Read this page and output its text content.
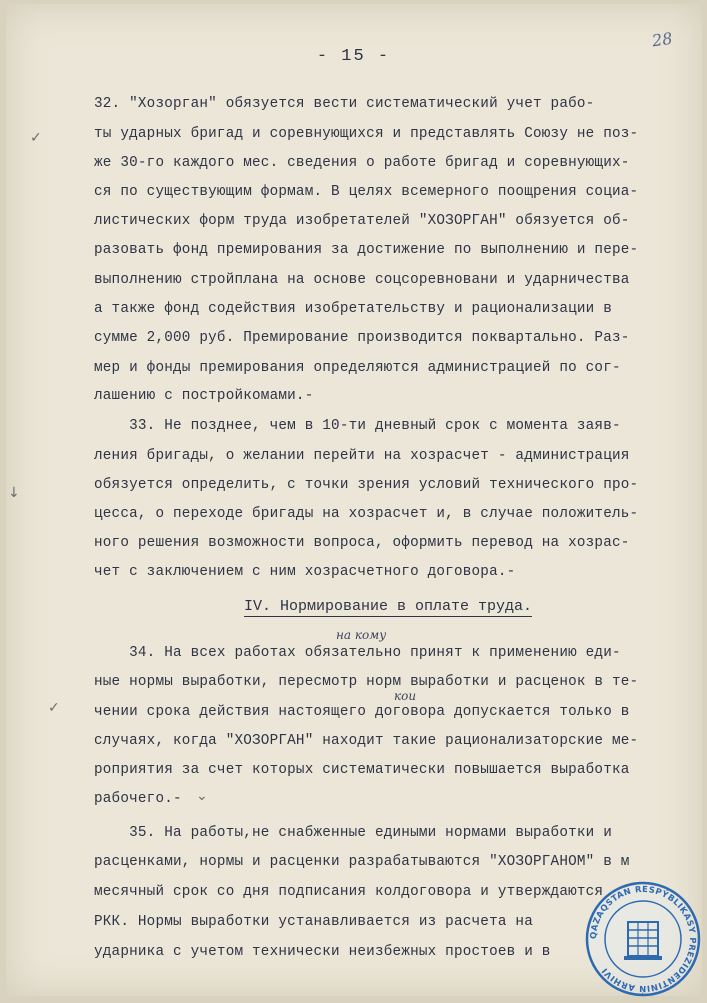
- 15 -
28
32. "Хозорган" обязуется вести систематический учет рабо-
ты ударных бригад и соревнующихся и представлять Союзу не поз-
же 30-го каждого мес. сведения о работе бригад и соревнующих-
ся по существующим формам. В целях всемерного поощрения социа-
листических форм труда изобретателей "ХОЗОРГАН" обязуется об-
разовать фонд премирования за достижение по выполнению и пере-
выполнению стройплана на основе соцсоревновани и ударничества
а также фонд содействия изобретательству и рационализации в
сумме 2,000 руб. Премирование производится поквартально. Раз-
мер и фонды премирования определяются администрацией по сог-
лашению с постройкомами.-
33. Не позднее, чем в 10-ти дневный срок с момента заяв-
ления бригады, о желании перейти на хозрасчет - администрация
обязуется определить, с точки зрения условий технического про-
цесса, о переходе бригады на хозрасчет и, в случае положитель-
ного решения возможности вопроса, оформить перевод на хозрас-
чет с заключением с ним хозрасчетного договора.-
IV. Нормирование в оплате труда.
на кому
кои
34. На всех работах обязательно принят к применению еди-
ные нормы выработки, пересмотр норм выработки и расценок в те-
чении срока действия настоящего договора допускается только в
случаях, когда "ХОЗОРГАН" находит такие рационализаторские ме-
роприятия за счет которых систематически повышается выработка
рабочего.-
35. На работы,не снабженные едиными нормами выработки и
расценками, нормы и расценки разрабатываются "ХОЗОРГАНОМ" в м
месячный срок со дня подписания колдоговора и утверждаются
РКК. Нормы выработки устанавливается из расчета на
ударника с учетом технически неизбежных простоев и в
✓
↓
✓
⌄
QAZAQSTAN RESPÝBLIKASY PREZIDENTINIŃ ARHIVI
